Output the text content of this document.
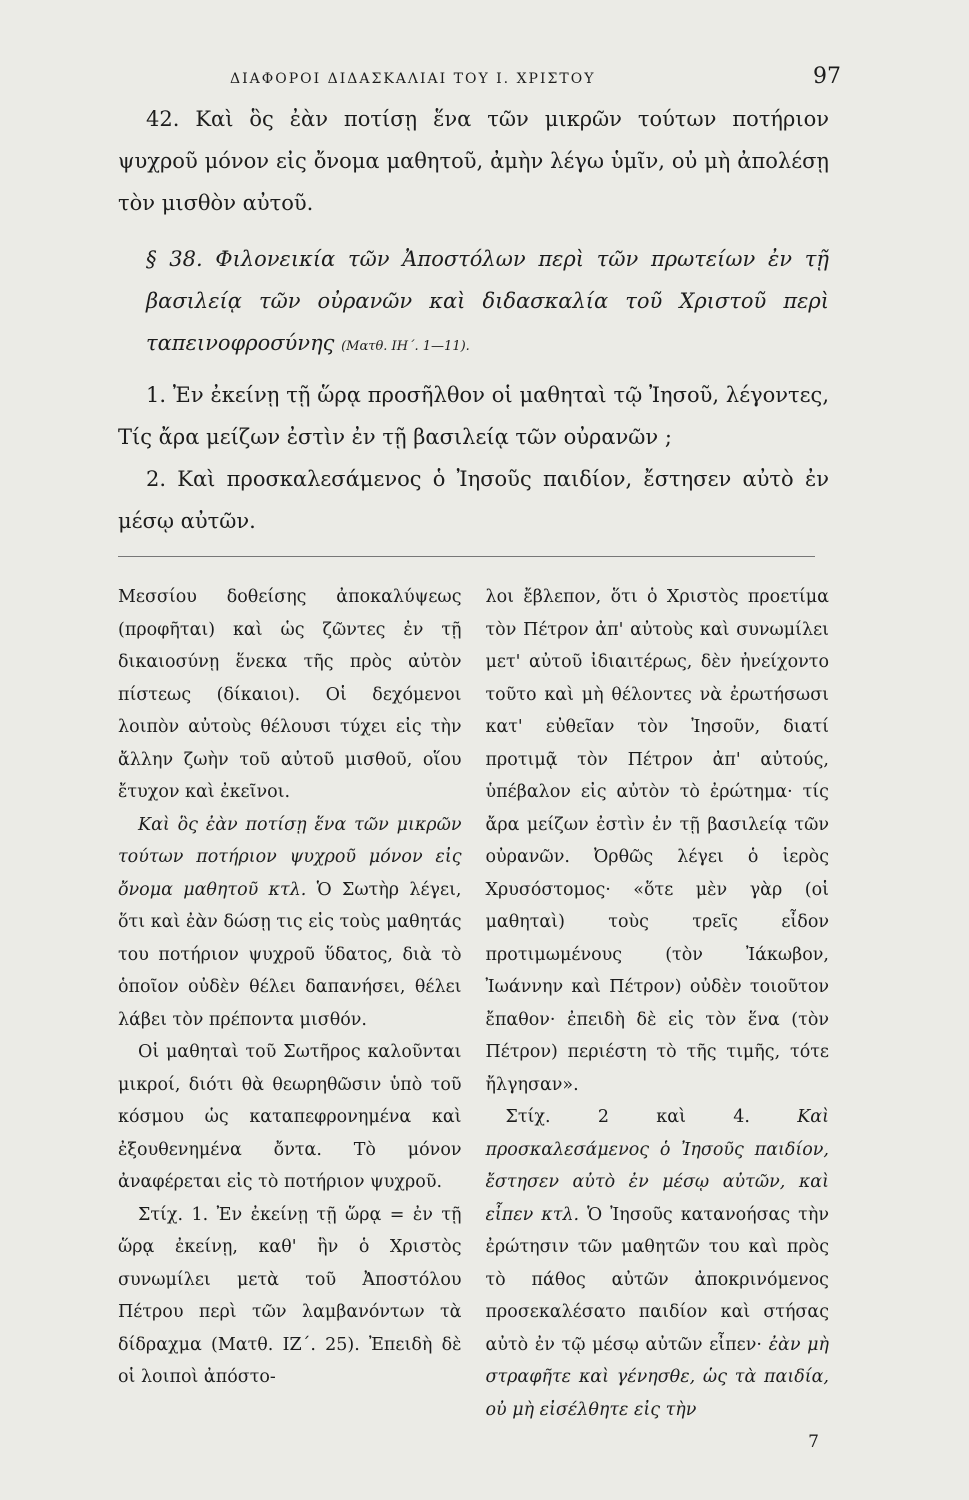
ΔΙΑΦΟΡΟΙ ΔΙΔΑΣΚΑΛΙΑΙ ΤΟΥ Ι. ΧΡΙΣΤΟΥ	97

42. Καὶ ὃς ἐὰν ποτίσῃ ἕνα τῶν μικρῶν τούτων ποτήριον ψυχροῦ μόνον εἰς ὄνομα μαθητοῦ, ἀμὴν λέγω ὑμῖν, οὐ μὴ ἀπολέσῃ τὸν μισθὸν αὐτοῦ.

§ 38. Φιλονεικία τῶν Ἀποστόλων περὶ τῶν πρωτείων ἐν τῇ βασιλείᾳ τῶν οὐρανῶν καὶ διδασκαλία τοῦ Χριστοῦ περὶ ταπεινοφροσύνης (Ματθ. ΙΗ΄. 1—11).

1. Ἐν ἐκείνῃ τῇ ὥρᾳ προσῆλθον οἱ μαθηταὶ τῷ Ἰησοῦ, λέγοντες, Τίς ἄρα μείζων ἐστὶν ἐν τῇ βασιλείᾳ τῶν οὐρανῶν ;

2. Καὶ προσκαλεσάμενος ὁ Ἰησοῦς παιδίον, ἔστησεν αὐτὸ ἐν μέσῳ αὐτῶν.

Μεσσίου δοθείσης ἀποκαλύψεως (προφῆται) καὶ ὡς ζῶντες ἐν τῇ δικαιοσύνῃ ἕνεκα τῆς πρὸς αὐτὸν πίστεως (δίκαιοι). Οἱ δεχόμενοι λοιπὸν αὐτοὺς θέλουσι τύχει εἰς τὴν ἄλλην ζωὴν τοῦ αὐτοῦ μισθοῦ, οἵου ἔτυχον καὶ ἐκεῖνοι.

Καὶ ὃς ἐὰν ποτίσῃ ἕνα τῶν μικρῶν τούτων ποτήριον ψυχροῦ μόνον εἰς ὄνομα μαθητοῦ κτλ. Ὁ Σωτὴρ λέγει, ὅτι καὶ ἐὰν δώσῃ τις εἰς τοὺς μαθητάς του ποτήριον ψυχροῦ ὕδατος, διὰ τὸ ὁποῖον οὐδὲν θέλει δαπανήσει, θέλει λάβει τὸν πρέποντα μισθόν.

Οἱ μαθηταὶ τοῦ Σωτῆρος καλοῦνται μικροί, διότι θὰ θεωρηθῶσιν ὑπὸ τοῦ κόσμου ὡς καταπεφρονημένα καὶ ἐξουθενημένα ὄντα. Τὸ μόνον ἀναφέρεται εἰς τὸ ποτήριον ψυχροῦ.

Στίχ. 1. Ἐν ἐκείνῃ τῇ ὥρᾳ = ἐν τῇ ὥρᾳ ἐκείνῃ, καθ' ἣν ὁ Χριστὸς συνωμίλει μετὰ τοῦ Ἀποστόλου Πέτρου περὶ τῶν λαμβανόντων τὰ δίδραχμα (Ματθ. ΙΖ΄. 25). Ἐπειδὴ δὲ οἱ λοιποὶ ἀπόστο-

λοι ἔβλεπον, ὅτι ὁ Χριστὸς προετίμα τὸν Πέτρον ἀπ' αὐτοὺς καὶ συνωμίλει μετ' αὐτοῦ ἰδιαιτέρως, δὲν ἠνείχοντο τοῦτο καὶ μὴ θέλοντες νὰ ἐρωτήσωσι κατ' εὐθεῖαν τὸν Ἰησοῦν, διατί προτιμᾷ τὸν Πέτρον ἀπ' αὐτούς, ὑπέβαλον εἰς αὐτὸν τὸ ἐρώτημα· τίς ἄρα μείζων ἐστὶν ἐν τῇ βασιλείᾳ τῶν οὐρανῶν. Ὀρθῶς λέγει ὁ ἱερὸς Χρυσόστομος· «ὅτε μὲν γὰρ (οἱ μαθηταὶ) τοὺς τρεῖς εἶδον προτιμωμένους (τὸν Ἰάκωβον, Ἰωάννην καὶ Πέτρον) οὐδὲν τοιοῦτον ἔπαθον· ἐπειδὴ δὲ εἰς τὸν ἕνα (τὸν Πέτρον) περιέστη τὸ τῆς τιμῆς, τότε ἤλγησαν».

Στίχ. 2 καὶ 4. Καὶ προσκαλεσάμενος ὁ Ἰησοῦς παιδίον, ἔστησεν αὐτὸ ἐν μέσῳ αὐτῶν, καὶ εἶπεν κτλ. Ὁ Ἰησοῦς κατανοήσας τὴν ἐρώτησιν τῶν μαθητῶν του καὶ πρὸς τὸ πάθος αὐτῶν ἀποκρινόμενος προσεκαλέσατο παιδίον καὶ στήσας αὐτὸ ἐν τῷ μέσῳ αὐτῶν εἶπεν· ἐὰν μὴ στραφῆτε καὶ γένησθε, ὡς τὰ παιδία, οὐ μὴ εἰσέλθητε εἰς τὴν

7
